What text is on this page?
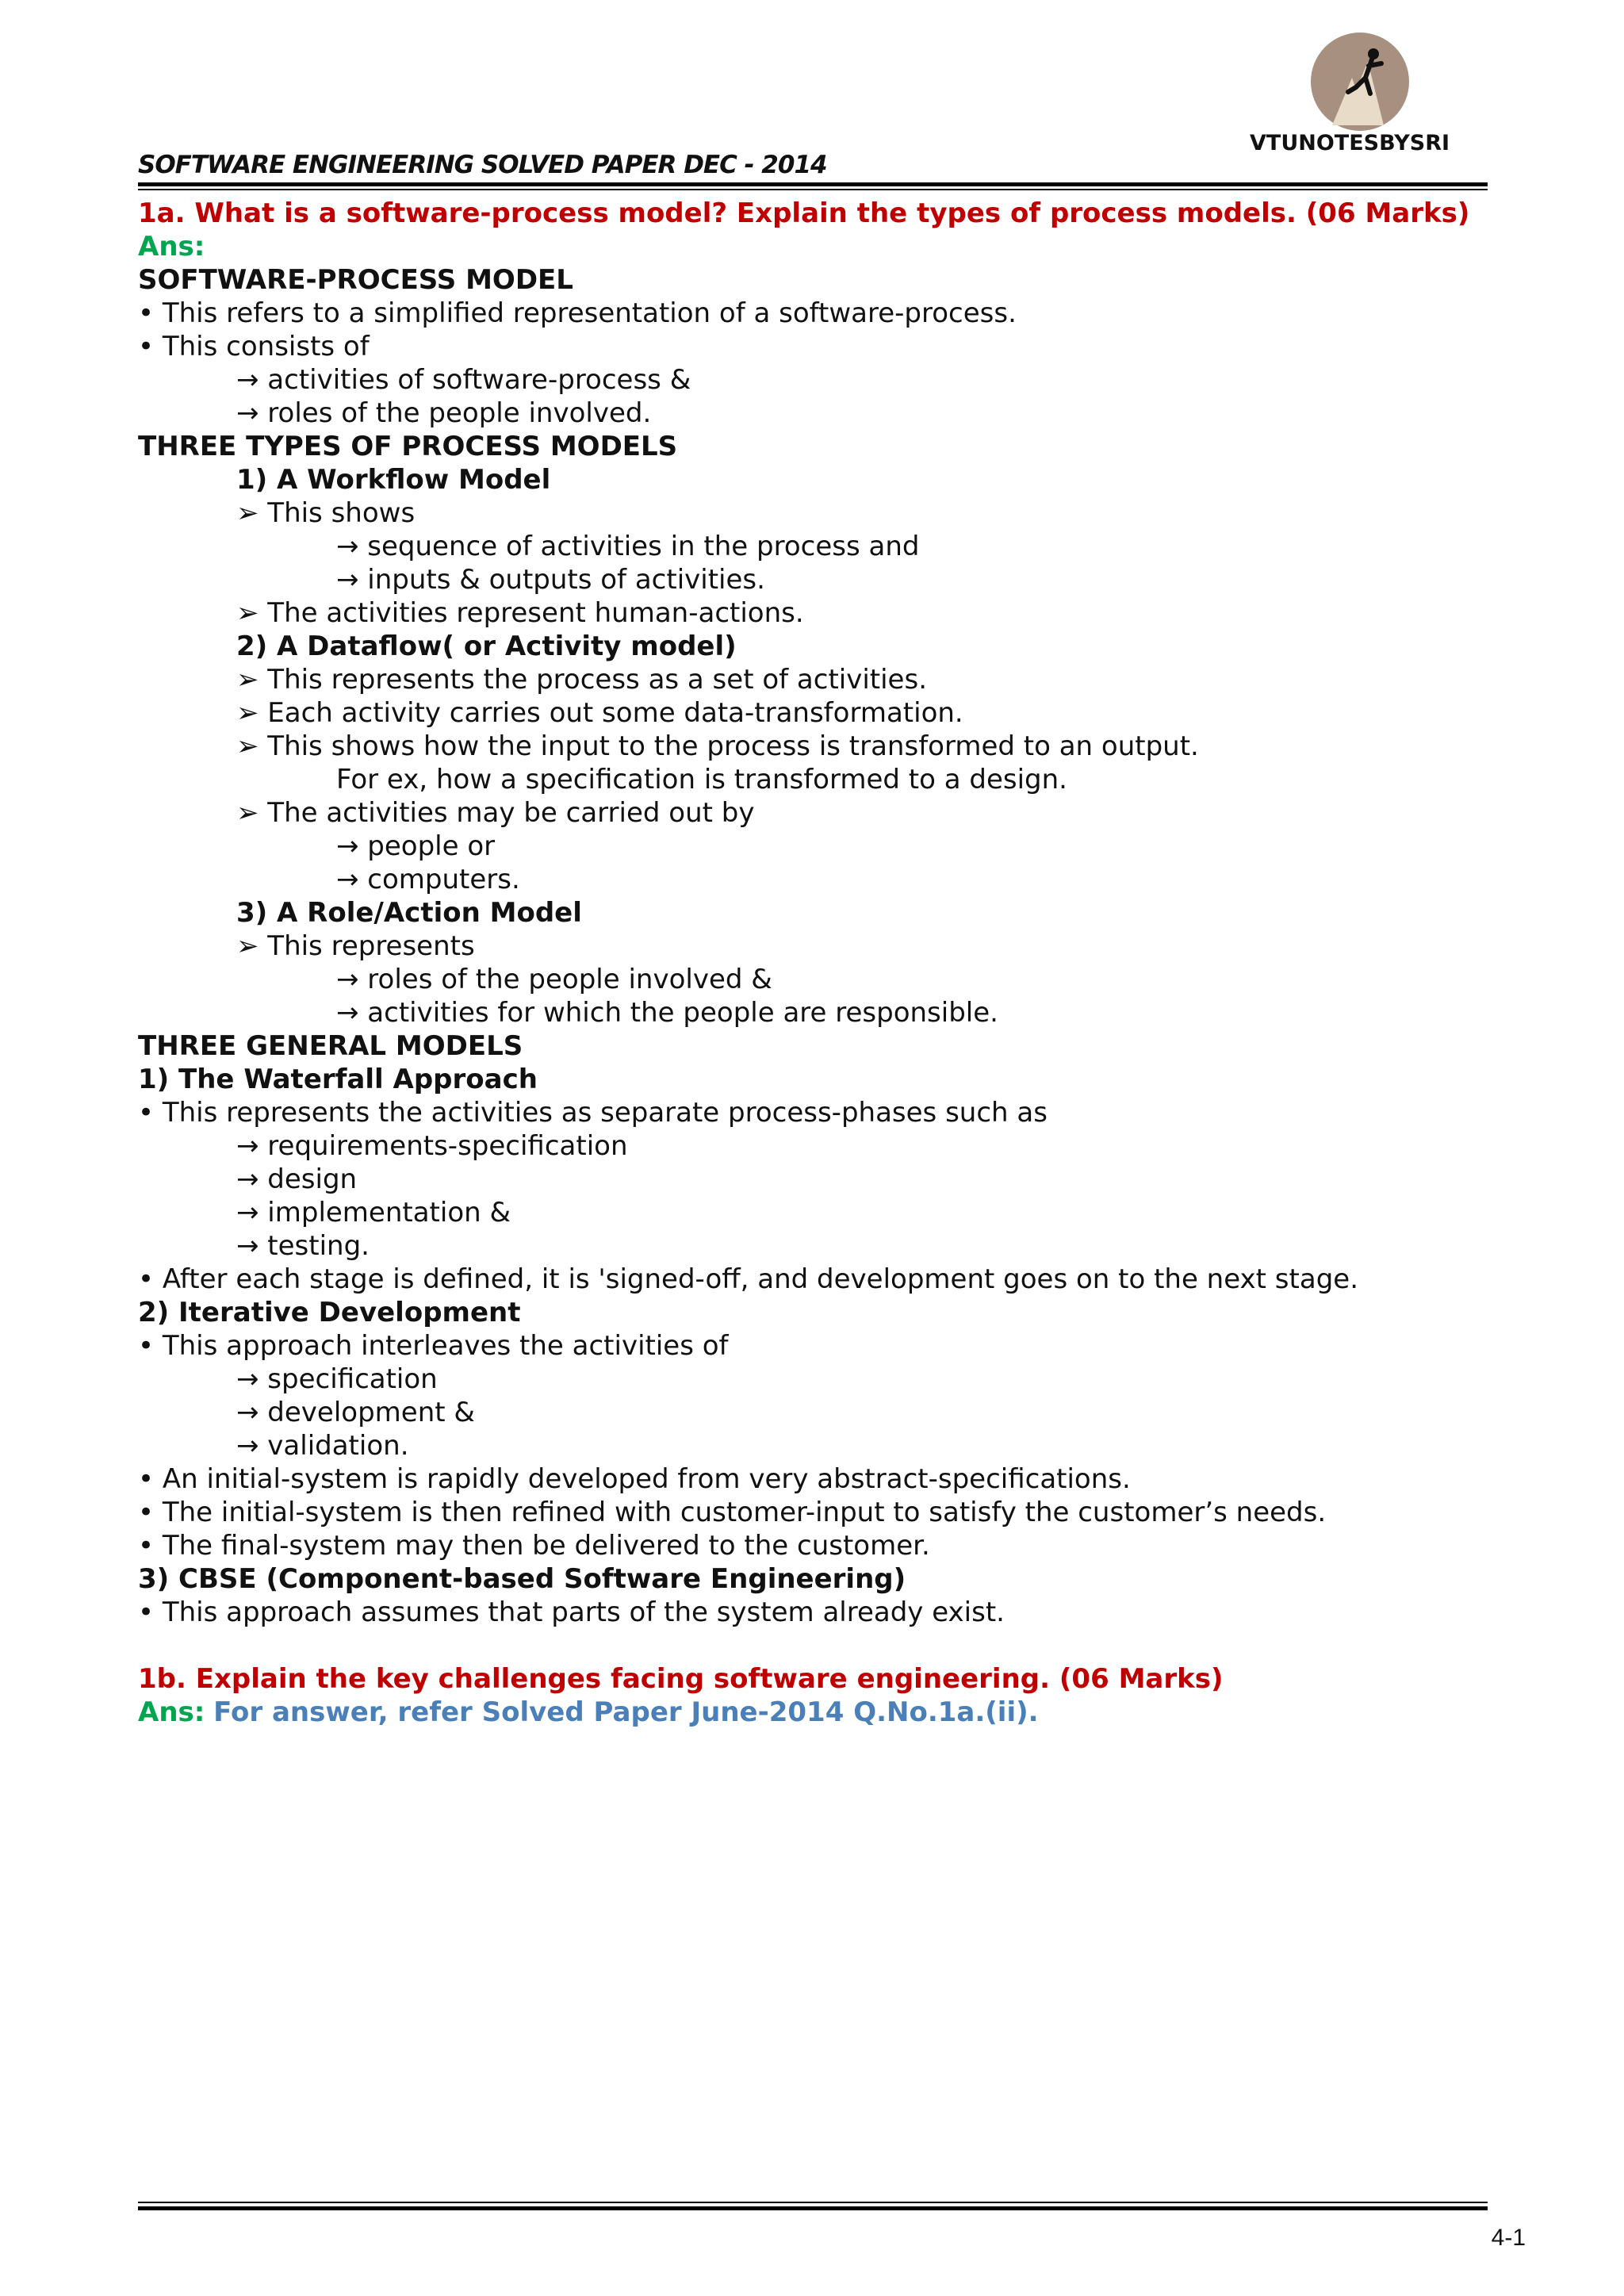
VTUNOTESBYSRI
SOFTWARE ENGINEERING SOLVED PAPER DEC - 2014
1a. What is a software-process model? Explain the types of process models. (06 Marks)
Ans:
SOFTWARE-PROCESS MODEL
• This refers to a simplified representation of a software-process.
• This consists of
→ activities of software-process &
→ roles of the people involved.
THREE TYPES OF PROCESS MODELS
1) A Workflow Model
➢ This shows
→ sequence of activities in the process and
→ inputs & outputs of activities.
➢ The activities represent human-actions.
2) A Dataflow( or Activity model)
➢ This represents the process as a set of activities.
➢ Each activity carries out some data-transformation.
➢ This shows how the input to the process is transformed to an output.
For ex, how a specification is transformed to a design.
➢ The activities may be carried out by
→ people or
→ computers.
3) A Role/Action Model
➢ This represents
→ roles of the people involved &
→ activities for which the people are responsible.
THREE GENERAL MODELS
1) The Waterfall Approach
• This represents the activities as separate process-phases such as
→ requirements-specification
→ design
→ implementation &
→ testing.
• After each stage is defined, it is 'signed-off, and development goes on to the next stage.
2) Iterative Development
• This approach interleaves the activities of
→ specification
→ development &
→ validation.
• An initial-system is rapidly developed from very abstract-specifications.
• The initial-system is then refined with customer-input to satisfy the customer’s needs.
• The final-system may then be delivered to the customer.
3) CBSE (Component-based Software Engineering)
• This approach assumes that parts of the system already exist.
1b. Explain the key challenges facing software engineering. (06 Marks)
Ans: For answer, refer Solved Paper June-2014 Q.No.1a.(ii).
4-1
